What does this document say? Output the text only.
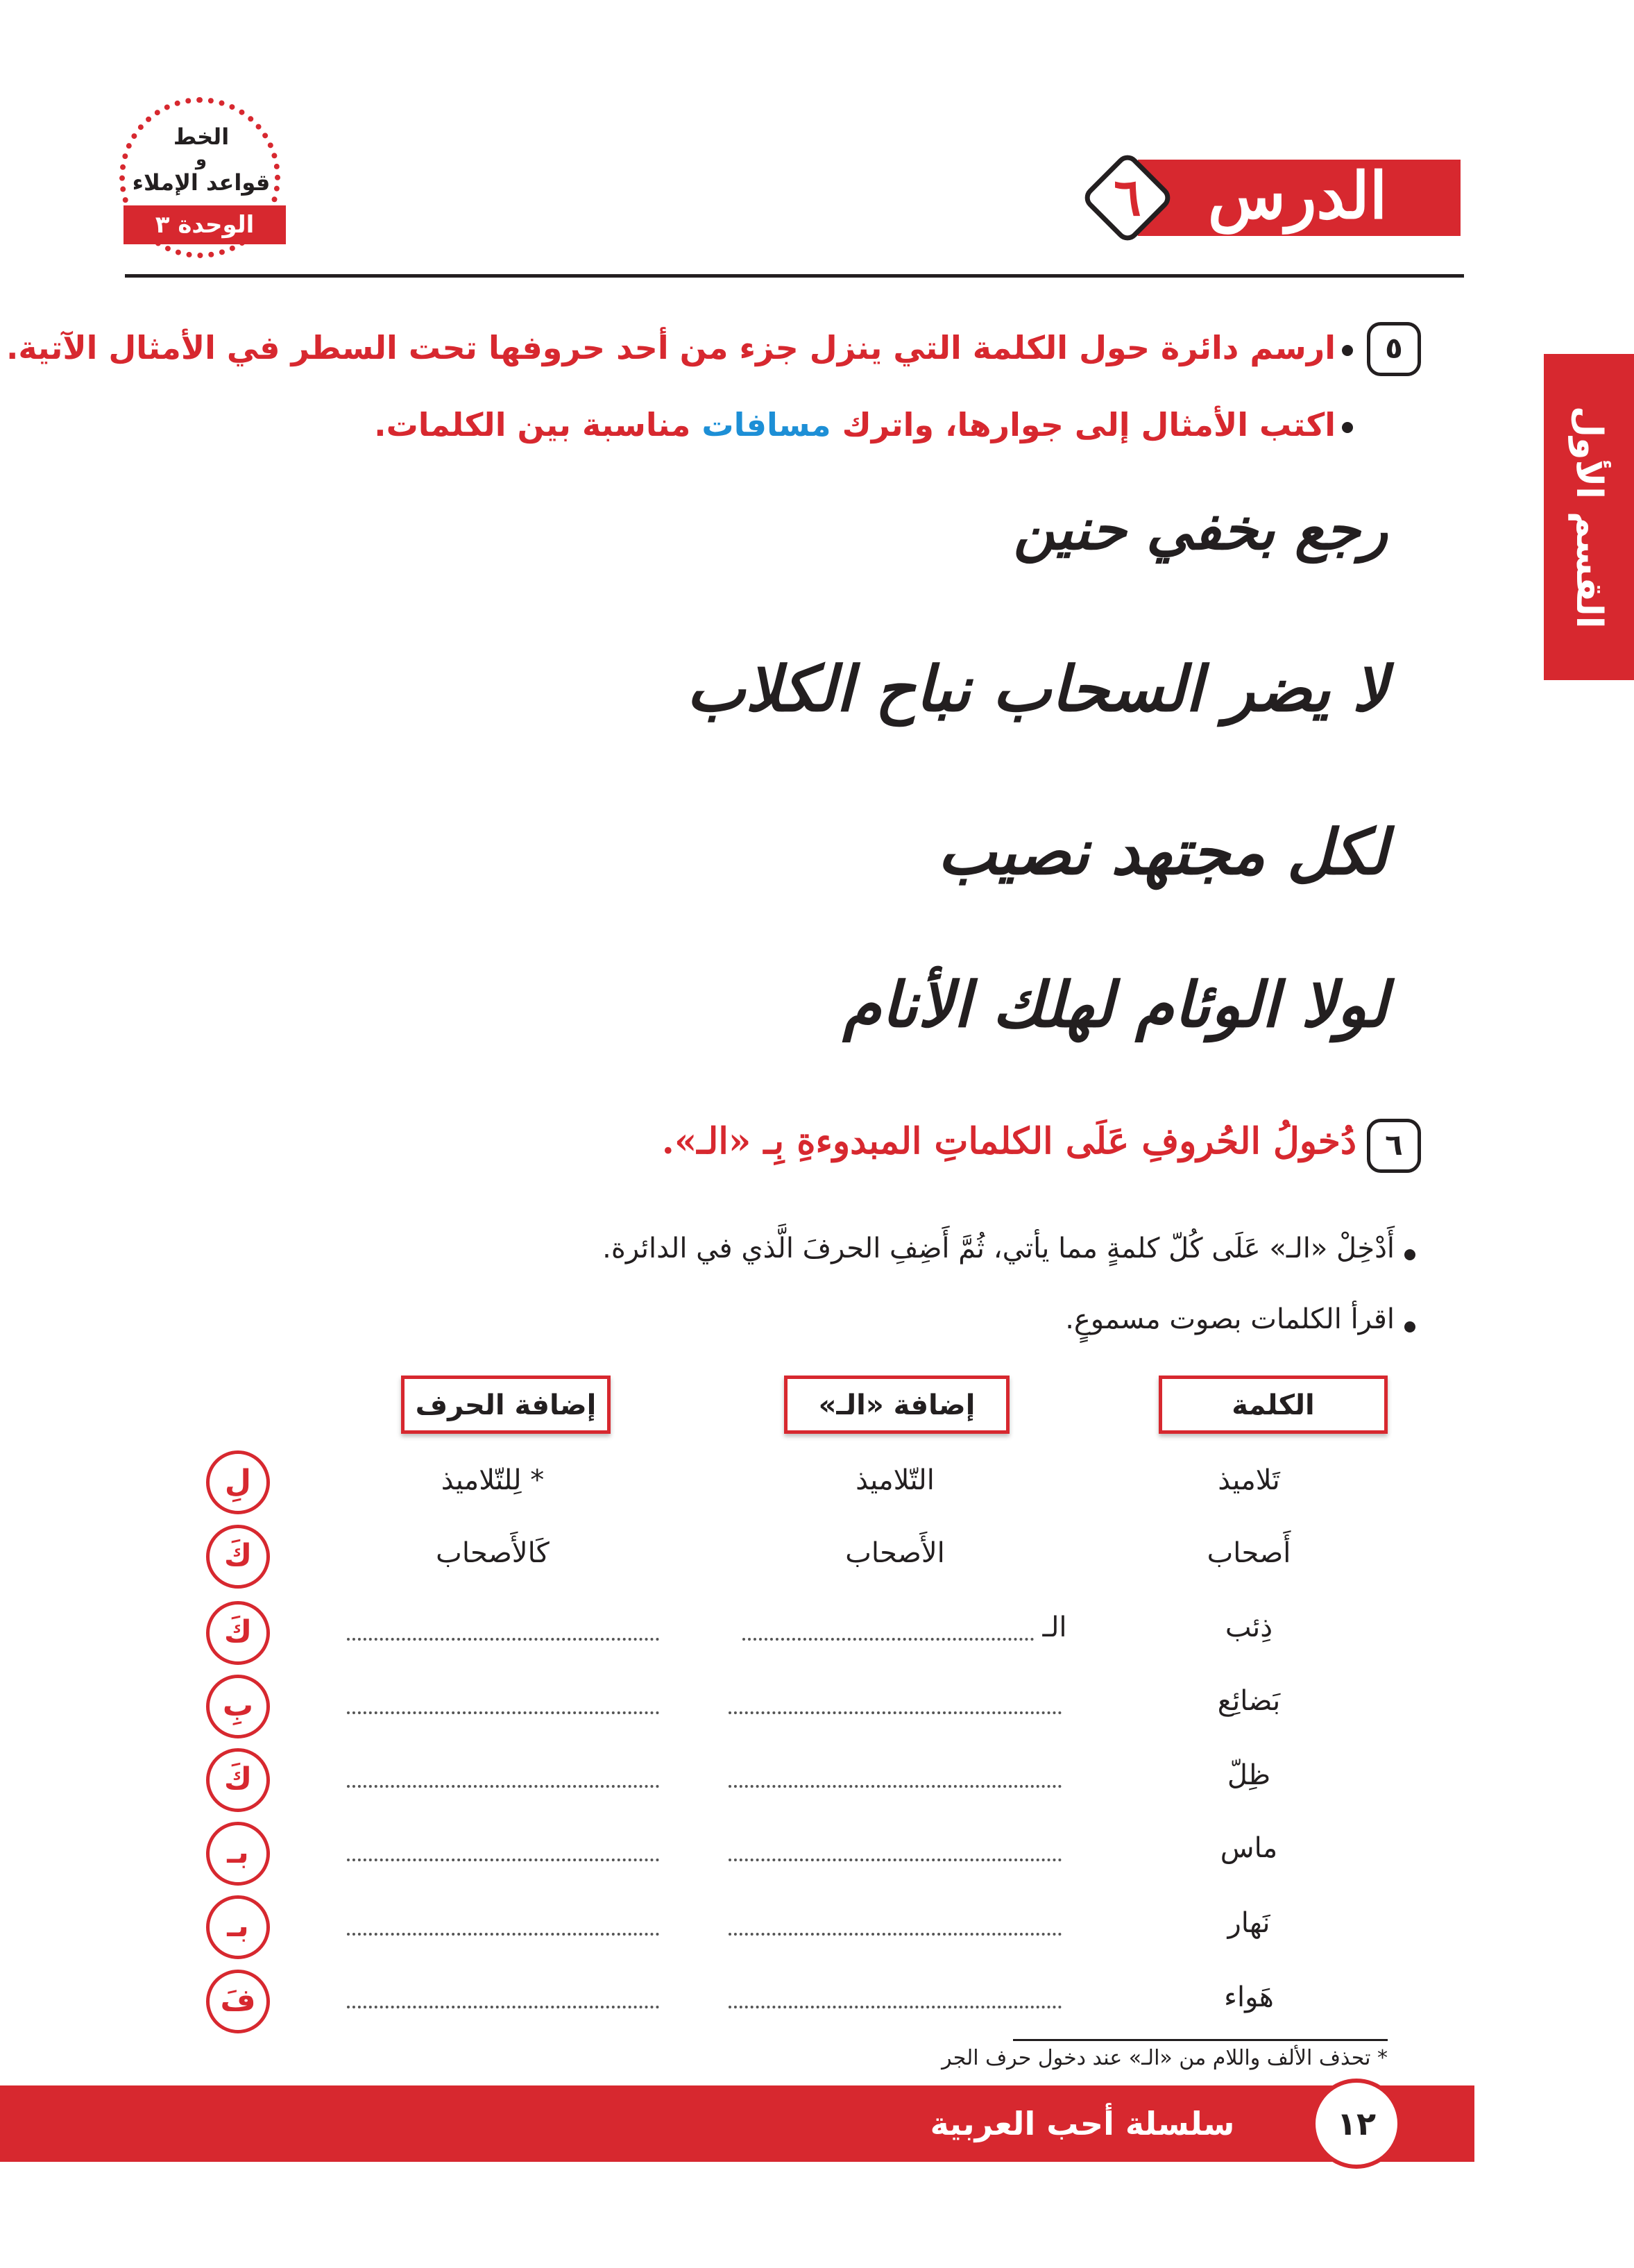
الدرس
٦
الخط
و
قواعد الإملاء
الوحدة ٣
القسم الأول
٥
ارسم دائرة حول الكلمة التي ينزل جزء من أحد حروفها تحت السطر في الأمثال الآتية.
اكتب الأمثال إلى جوارها، واترك مسافات مناسبة بين الكلمات.
رجع بخفي حنين
لا يضر السحاب نباح الكلاب
لكل مجتهد نصيب
لولا الوئام لهلك الأنام
٦
دُخولُ الحُروفِ عَلَى الكلماتِ المبدوءةِ بِـ «الـ».
أَدْخِلْ «الـ» عَلَى كُلّ كلمةٍ مما يأتي، ثُمَّ أَضِفِ الحرفَ الَّذي في الدائرة.
اقرأ الكلمات بصوت مسموعٍ.
الكلمة
إضافة «الـ»
إضافة الحرف
تَلاميذ
التّلاميذ
* لِلتّلاميذ
لِ
أَصحاب
الأَصحاب
كَالأَصحاب
كَ
ذِئب
الـ
كَ
بَضائِع
بِ
ظِلّ
كَ
ماس
بـ
نَهار
بـ
هَواء
فَ
* تحذف الألف واللام من «الـ» عند دخول حرف الجر
سلسلة أحب العربية	١٢
